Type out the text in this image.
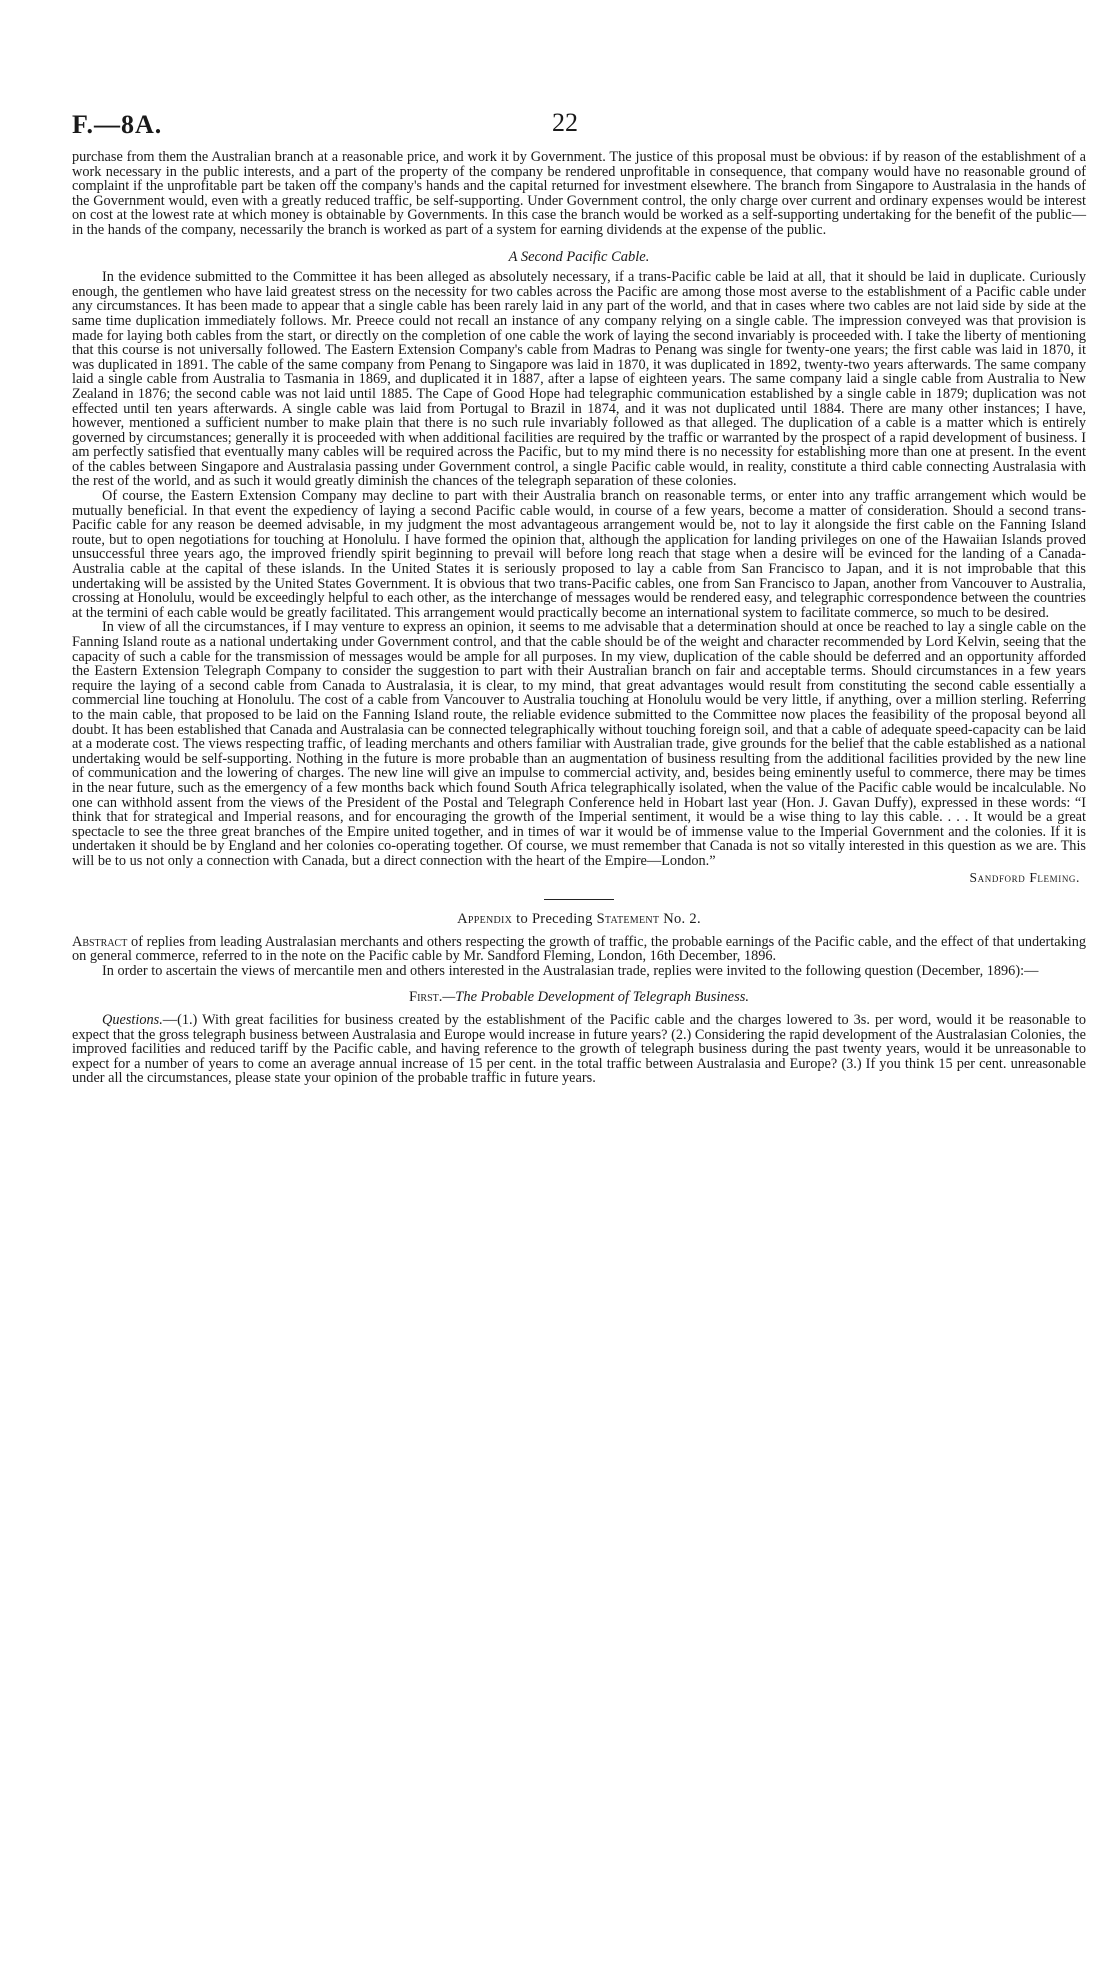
F.—8A.	22

purchase from them the Australian branch at a reasonable price, and work it by Government. The justice of this proposal must be obvious: if by reason of the establishment of a work necessary in the public interests, and a part of the property of the company be rendered unprofitable in consequence, that company would have no reasonable ground of complaint if the unprofitable part be taken off the company's hands and the capital returned for investment elsewhere. The branch from Singapore to Australasia in the hands of the Government would, even with a greatly reduced traffic, be self-supporting. Under Government control, the only charge over current and ordinary expenses would be interest on cost at the lowest rate at which money is obtainable by Governments. In this case the branch would be worked as a self-supporting undertaking for the benefit of the public—in the hands of the company, necessarily the branch is worked as part of a system for earning dividends at the expense of the public.

A Second Pacific Cable.

In the evidence submitted to the Committee it has been alleged as absolutely necessary, if a trans-Pacific cable be laid at all, that it should be laid in duplicate. Curiously enough, the gentlemen who have laid greatest stress on the necessity for two cables across the Pacific are among those most averse to the establishment of a Pacific cable under any circumstances. It has been made to appear that a single cable has been rarely laid in any part of the world, and that in cases where two cables are not laid side by side at the same time duplication immediately follows. Mr. Preece could not recall an instance of any company relying on a single cable. The impression conveyed was that provision is made for laying both cables from the start, or directly on the completion of one cable the work of laying the second invariably is proceeded with. I take the liberty of mentioning that this course is not universally followed. The Eastern Extension Company's cable from Madras to Penang was single for twenty-one years; the first cable was laid in 1870, it was duplicated in 1891. The cable of the same company from Penang to Singapore was laid in 1870, it was duplicated in 1892, twenty-two years afterwards. The same company laid a single cable from Australia to Tasmania in 1869, and duplicated it in 1887, after a lapse of eighteen years. The same company laid a single cable from Australia to New Zealand in 1876; the second cable was not laid until 1885. The Cape of Good Hope had telegraphic communication established by a single cable in 1879; duplication was not effected until ten years afterwards. A single cable was laid from Portugal to Brazil in 1874, and it was not duplicated until 1884. There are many other instances; I have, however, mentioned a sufficient number to make plain that there is no such rule invariably followed as that alleged. The duplication of a cable is a matter which is entirely governed by circumstances; generally it is proceeded with when additional facilities are required by the traffic or warranted by the prospect of a rapid development of business. I am perfectly satisfied that eventually many cables will be required across the Pacific, but to my mind there is no necessity for establishing more than one at present. In the event of the cables between Singapore and Australasia passing under Government control, a single Pacific cable would, in reality, constitute a third cable connecting Australasia with the rest of the world, and as such it would greatly diminish the chances of the telegraph separation of these colonies.

Of course, the Eastern Extension Company may decline to part with their Australia branch on reasonable terms, or enter into any traffic arrangement which would be mutually beneficial. In that event the expediency of laying a second Pacific cable would, in course of a few years, become a matter of consideration. Should a second trans-Pacific cable for any reason be deemed advisable, in my judgment the most advantageous arrangement would be, not to lay it alongside the first cable on the Fanning Island route, but to open negotiations for touching at Honolulu. I have formed the opinion that, although the application for landing privileges on one of the Hawaiian Islands proved unsuccessful three years ago, the improved friendly spirit beginning to prevail will before long reach that stage when a desire will be evinced for the landing of a Canada-Australia cable at the capital of these islands. In the United States it is seriously proposed to lay a cable from San Francisco to Japan, and it is not improbable that this undertaking will be assisted by the United States Government. It is obvious that two trans-Pacific cables, one from San Francisco to Japan, another from Vancouver to Australia, crossing at Honolulu, would be exceedingly helpful to each other, as the interchange of messages would be rendered easy, and telegraphic correspondence between the countries at the termini of each cable would be greatly facilitated. This arrangement would practically become an international system to facilitate commerce, so much to be desired.

In view of all the circumstances, if I may venture to express an opinion, it seems to me advisable that a determination should at once be reached to lay a single cable on the Fanning Island route as a national undertaking under Government control, and that the cable should be of the weight and character recommended by Lord Kelvin, seeing that the capacity of such a cable for the transmission of messages would be ample for all purposes. In my view, duplication of the cable should be deferred and an opportunity afforded the Eastern Extension Telegraph Company to consider the suggestion to part with their Australian branch on fair and acceptable terms. Should circumstances in a few years require the laying of a second cable from Canada to Australasia, it is clear, to my mind, that great advantages would result from constituting the second cable essentially a commercial line touching at Honolulu. The cost of a cable from Vancouver to Australia touching at Honolulu would be very little, if anything, over a million sterling. Referring to the main cable, that proposed to be laid on the Fanning Island route, the reliable evidence submitted to the Committee now places the feasibility of the proposal beyond all doubt. It has been established that Canada and Australasia can be connected telegraphically without touching foreign soil, and that a cable of adequate speed-capacity can be laid at a moderate cost. The views respecting traffic, of leading merchants and others familiar with Australian trade, give grounds for the belief that the cable established as a national undertaking would be self-supporting. Nothing in the future is more probable than an augmentation of business resulting from the additional facilities provided by the new line of communication and the lowering of charges. The new line will give an impulse to commercial activity, and, besides being eminently useful to commerce, there may be times in the near future, such as the emergency of a few months back which found South Africa telegraphically isolated, when the value of the Pacific cable would be incalculable. No one can withhold assent from the views of the President of the Postal and Telegraph Conference held in Hobart last year (Hon. J. Gavan Duffy), expressed in these words: “I think that for strategical and Imperial reasons, and for encouraging the growth of the Imperial sentiment, it would be a wise thing to lay this cable. . . . It would be a great spectacle to see the three great branches of the Empire united together, and in times of war it would be of immense value to the Imperial Government and the colonies. If it is undertaken it should be by England and her colonies co-operating together. Of course, we must remember that Canada is not so vitally interested in this question as we are. This will be to us not only a connection with Canada, but a direct connection with the heart of the Empire—London.”

Sandford Fleming.
Appendix to Preceding Statement No. 2.

Abstract of replies from leading Australasian merchants and others respecting the growth of traffic, the probable earnings of the Pacific cable, and the effect of that undertaking on general commerce, referred to in the note on the Pacific cable by Mr. Sandford Fleming, London, 16th December, 1896.

In order to ascertain the views of mercantile men and others interested in the Australasian trade, replies were invited to the following question (December, 1896):—

First.—The Probable Development of Telegraph Business.

Questions.—(1.) With great facilities for business created by the establishment of the Pacific cable and the charges lowered to 3s. per word, would it be reasonable to expect that the gross telegraph business between Australasia and Europe would increase in future years? (2.) Considering the rapid development of the Australasian Colonies, the improved facilities and reduced tariff by the Pacific cable, and having reference to the growth of telegraph business during the past twenty years, would it be unreasonable to expect for a number of years to come an average annual increase of 15 per cent. in the total traffic between Australasia and Europe? (3.) If you think 15 per cent. unreasonable under all the circumstances, please state your opinion of the probable traffic in future years.
